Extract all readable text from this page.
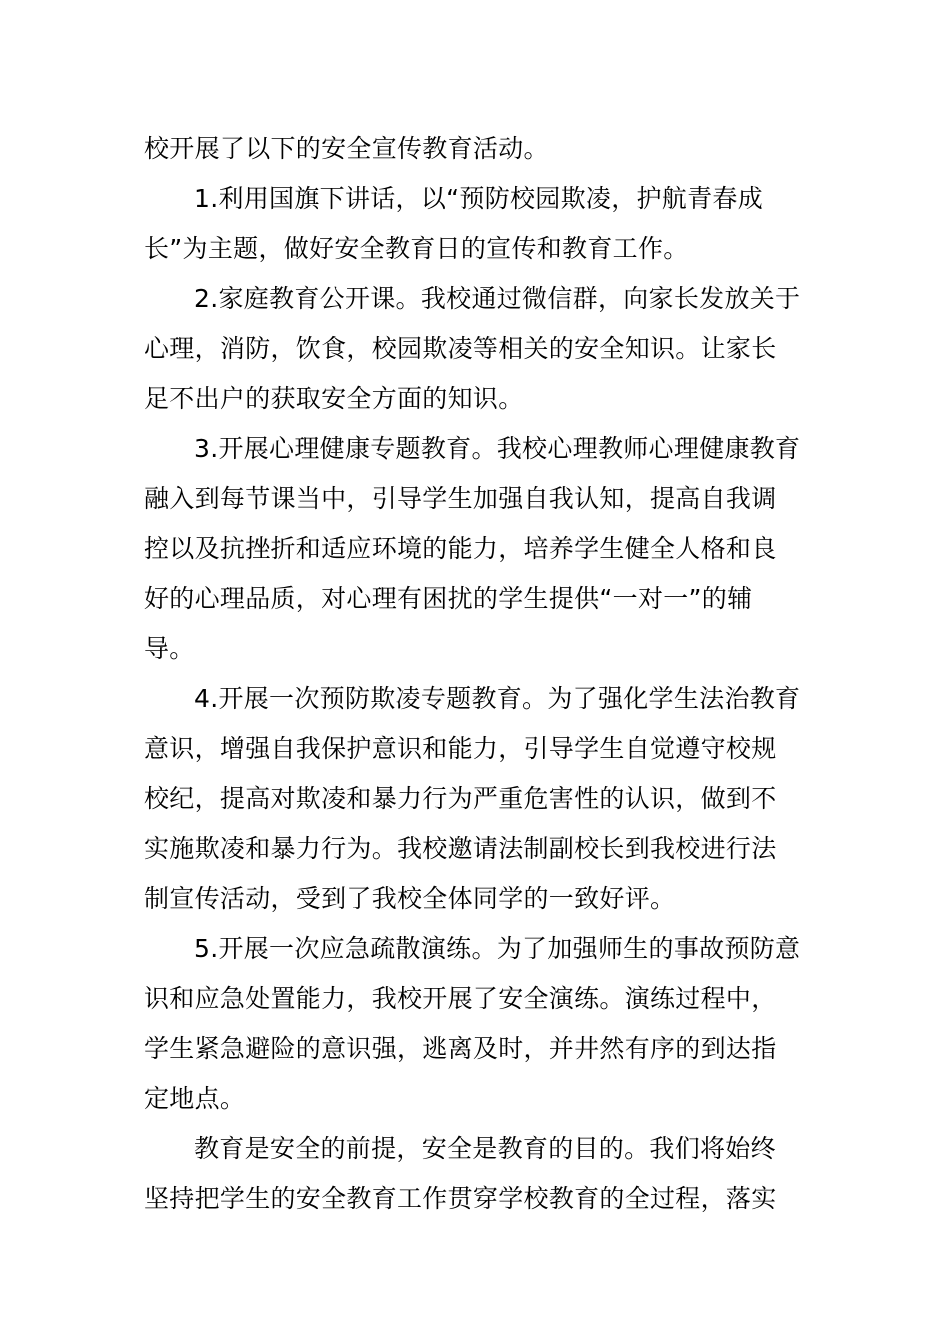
校开展了以下的安全宣传教育活动。
1.利用国旗下讲话，以“预防校园欺凌，护航青春成
长”为主题，做好安全教育日的宣传和教育工作。
2.家庭教育公开课。我校通过微信群，向家长发放关于
心理，消防，饮食，校园欺凌等相关的安全知识。让家长
足不出户的获取安全方面的知识。
3.开展心理健康专题教育。我校心理教师心理健康教育
融入到每节课当中，引导学生加强自我认知，提高自我调
控以及抗挫折和适应环境的能力，培养学生健全人格和良
好的心理品质，对心理有困扰的学生提供“一对一”的辅
导。
4.开展一次预防欺凌专题教育。为了强化学生法治教育
意识，增强自我保护意识和能力，引导学生自觉遵守校规
校纪，提高对欺凌和暴力行为严重危害性的认识，做到不
实施欺凌和暴力行为。我校邀请法制副校长到我校进行法
制宣传活动，受到了我校全体同学的一致好评。
5.开展一次应急疏散演练。为了加强师生的事故预防意
识和应急处置能力，我校开展了安全演练。演练过程中，
学生紧急避险的意识强，逃离及时，并井然有序的到达指
定地点。
教育是安全的前提，安全是教育的目的。我们将始终
坚持把学生的安全教育工作贯穿学校教育的全过程，落实
